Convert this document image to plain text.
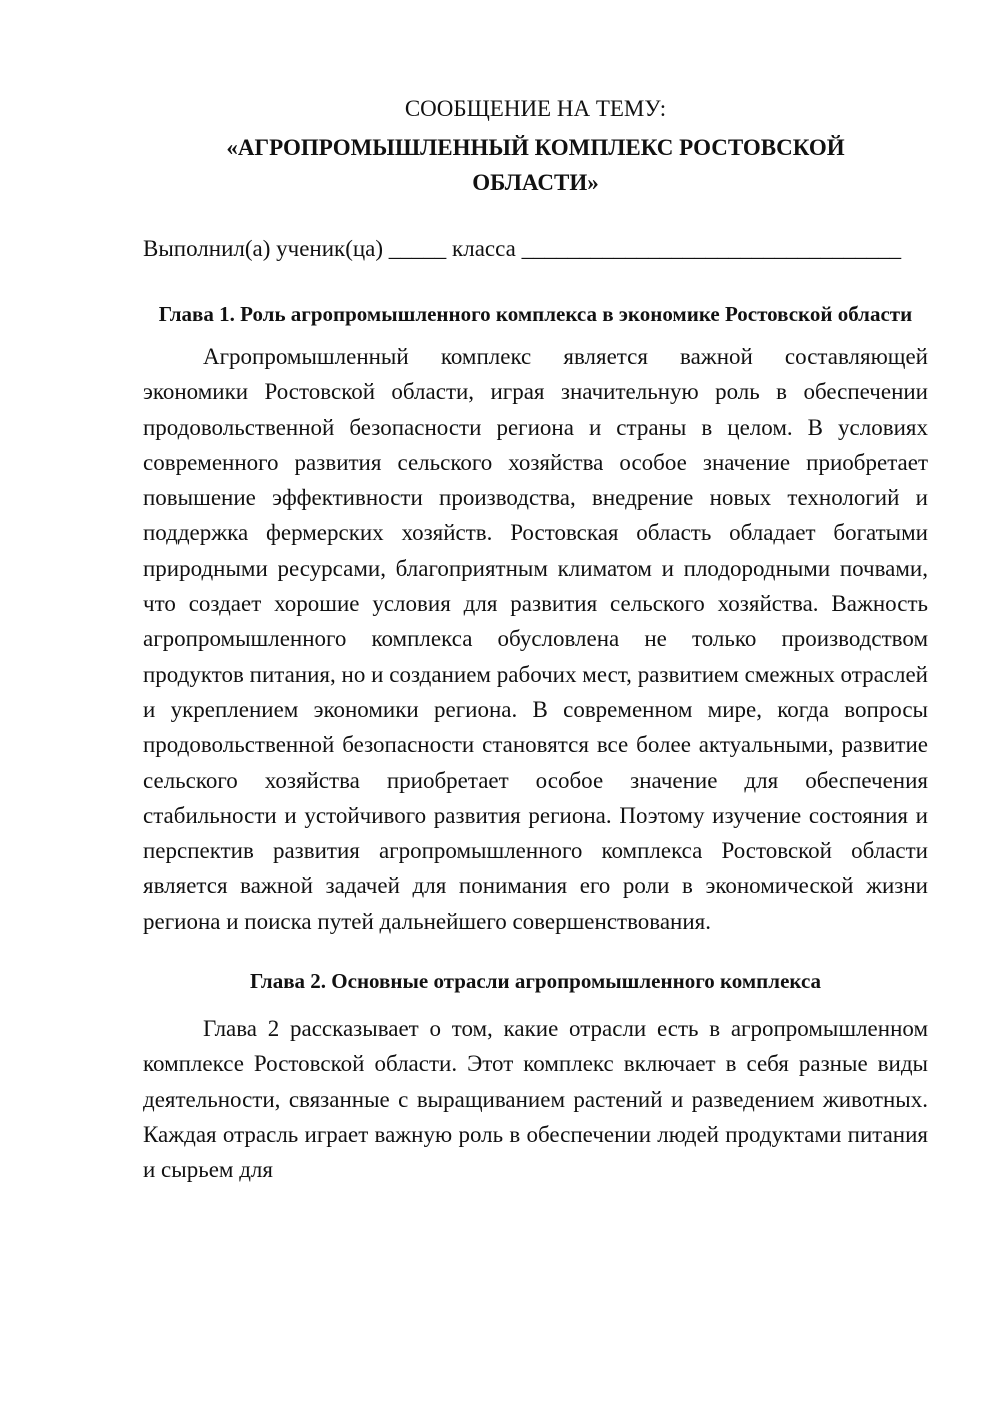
СООБЩЕНИЕ НА ТЕМУ:

«АГРОПРОМЫШЛЕННЫЙ КОМПЛЕКС РОСТОВСКОЙ ОБЛАСТИ»

Выполнил(а) ученик(ца) _____ класса _________________________________

Глава 1. Роль агропромышленного комплекса в экономике Ростовской области

Агропромышленный комплекс является важной составляющей экономики Ростовской области, играя значительную роль в обеспечении продовольственной безопасности региона и страны в целом. В условиях современного развития сельского хозяйства особое значение приобретает повышение эффективности производства, внедрение новых технологий и поддержка фермерских хозяйств. Ростовская область обладает богатыми природными ресурсами, благоприятным климатом и плодородными почвами, что создает хорошие условия для развития сельского хозяйства. Важность агропромышленного комплекса обусловлена не только производством продуктов питания, но и созданием рабочих мест, развитием смежных отраслей и укреплением экономики региона. В современном мире, когда вопросы продовольственной безопасности становятся все более актуальными, развитие сельского хозяйства приобретает особое значение для обеспечения стабильности и устойчивого развития региона. Поэтому изучение состояния и перспектив развития агропромышленного комплекса Ростовской области является важной задачей для понимания его роли в экономической жизни региона и поиска путей дальнейшего совершенствования.

Глава 2. Основные отрасли агропромышленного комплекса

Глава 2 рассказывает о том, какие отрасли есть в агропромышленном комплексе Ростовской области. Этот комплекс включает в себя разные виды деятельности, связанные с выращиванием растений и разведением животных. Каждая отрасль играет важную роль в обеспечении людей продуктами питания и сырьем для
